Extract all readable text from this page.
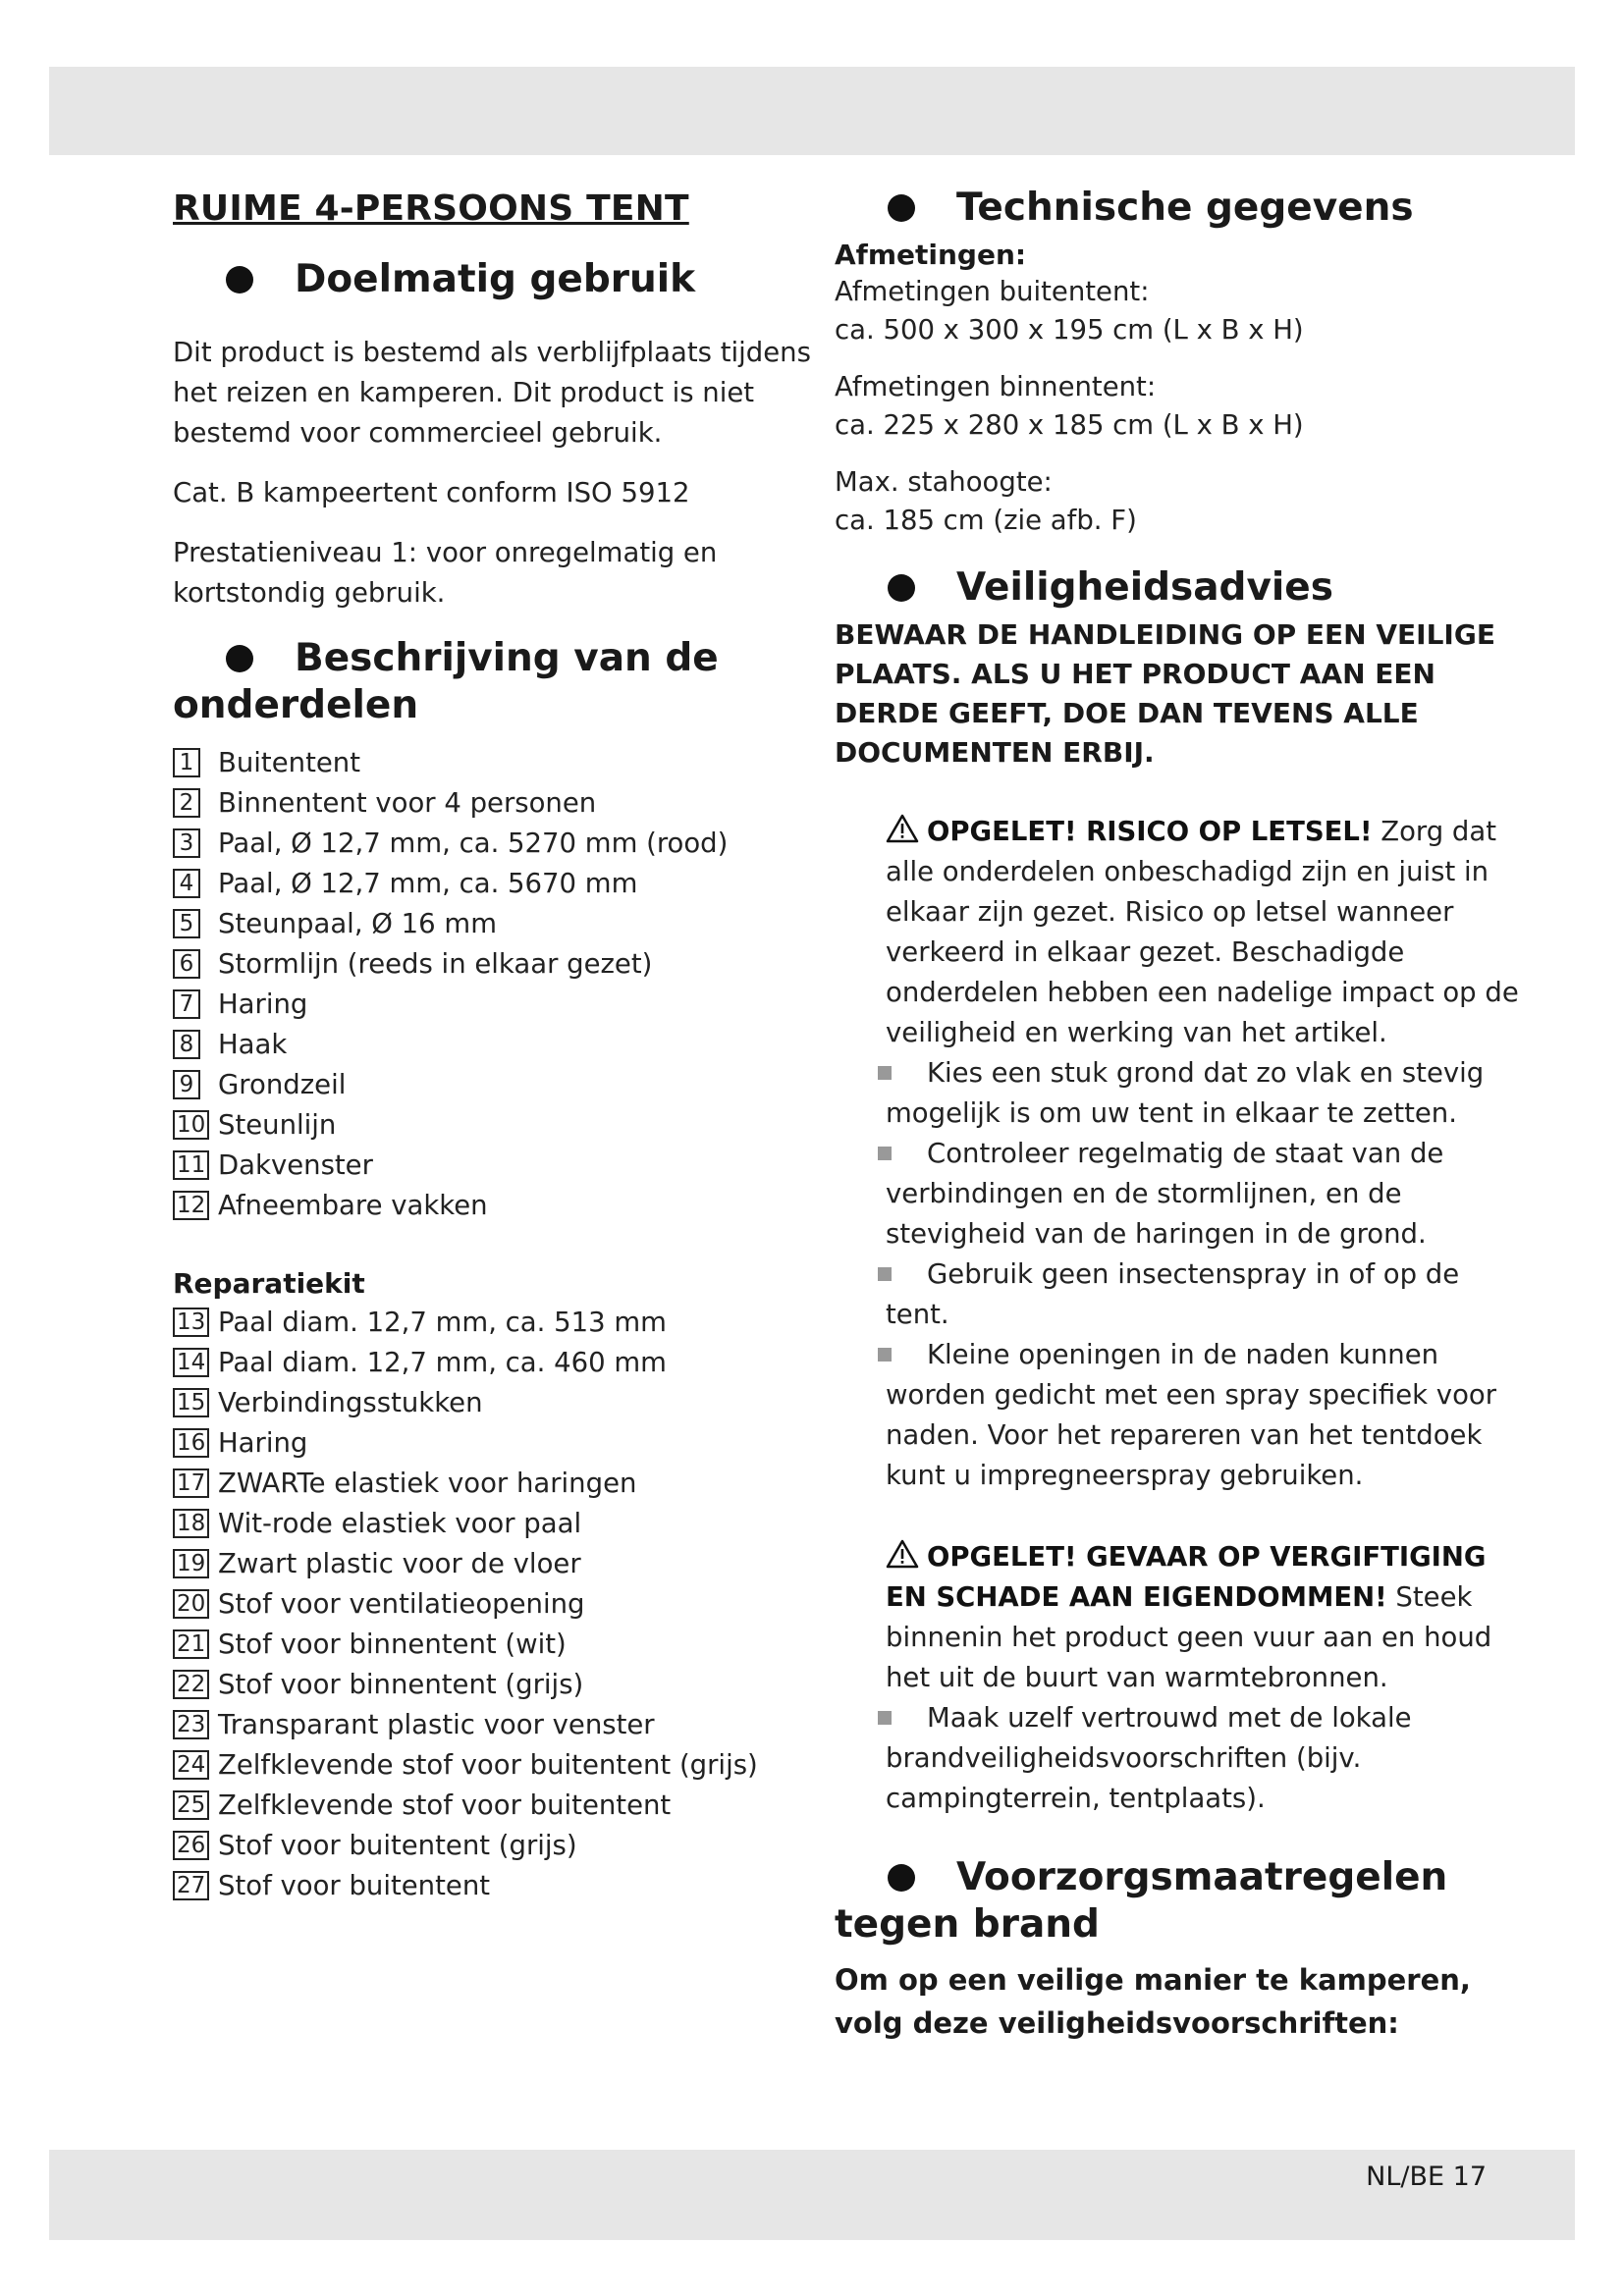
RUIME 4-PERSOONS TENT
Doelmatig gebruik

Dit product is bestemd als verblijfplaats tijdens het reizen en kamperen. Dit product is niet bestemd voor commercieel gebruik.

Cat. B kampeertent conform ISO 5912

Prestatieniveau 1: voor onregelmatig en kortstondig gebruik.

Beschrijving van de onderdelen
1 Buitentent
2 Binnentent voor 4 personen
3 Paal, Ø 12,7 mm, ca. 5270 mm (rood)
4 Paal, Ø 12,7 mm, ca. 5670 mm
5 Steunpaal, Ø 16 mm
6 Stormlijn (reeds in elkaar gezet)
7 Haring
8 Haak
9 Grondzeil
10 Steunlijn
11 Dakvenster
12 Afneembare vakken
Reparatiekit
13 Paal diam. 12,7 mm, ca. 513 mm
14 Paal diam. 12,7 mm, ca. 460 mm
15 Verbindingsstukken
16 Haring
17 ZWARTe elastiek voor haringen
18 Wit-rode elastiek voor paal
19 Zwart plastic voor de vloer
20 Stof voor ventilatieopening
21 Stof voor binnentent (wit)
22 Stof voor binnentent (grijs)
23 Transparant plastic voor venster
24 Zelfklevende stof voor buitentent (grijs)
25 Zelfklevende stof voor buitentent
26 Stof voor buitentent (grijs)
27 Stof voor buitentent
Technische gegevens

Afmetingen:

Afmetingen buitentent:

ca. 500 x 300 x 195 cm (L x B x H)

Afmetingen binnentent:

ca. 225 x 280 x 185 cm (L x B x H)

Max. stahoogte:

ca. 185 cm (zie afb. F)

Veiligheidsadvies

BEWAAR DE HANDLEIDING OP EEN VEILIGE PLAATS. ALS U HET PRODUCT AAN EEN DERDE GEEFT, DOE DAN TEVENS ALLE DOCUMENTEN ERBIJ.

OPGELET! RISICO OP LETSEL! Zorg dat alle onderdelen onbeschadigd zijn en juist in elkaar zijn gezet. Risico op letsel wanneer verkeerd in elkaar gezet. Beschadigde onderdelen hebben een nadelige impact op de veiligheid en werking van het artikel.
Kies een stuk grond dat zo vlak en stevig mogelijk is om uw tent in elkaar te zetten.
Controleer regelmatig de staat van de verbindingen en de stormlijnen, en de stevigheid van de haringen in de grond.
Gebruik geen insectenspray in of op de tent.
Kleine openingen in de naden kunnen worden gedicht met een spray specifiek voor naden. Voor het repareren van het tentdoek kunt u impregneerspray gebruiken.
OPGELET! GEVAAR OP VERGIFTIGING EN SCHADE AAN EIGENDOMMEN! Steek binnenin het product geen vuur aan en houd het uit de buurt van warmtebronnen.
Maak uzelf vertrouwd met de lokale brandveiligheidsvoorschriften (bijv. campingterrein, tentplaats).
Voorzorgsmaatregelen tegen brand

Om op een veilige manier te kamperen, volg deze veiligheidsvoorschriften:

NL/BE 17
